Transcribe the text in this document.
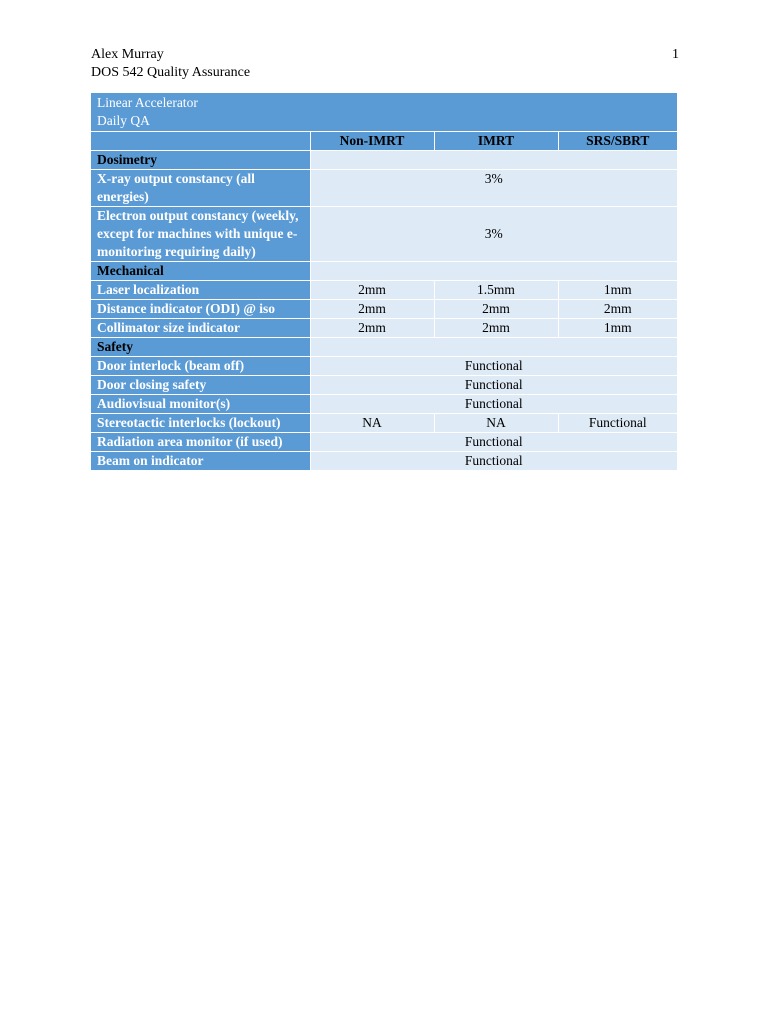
Alex Murray
DOS 542 Quality Assurance
1
Linear Accelerator
Daily QA			

	Non-IMRT	IMRT	SRS/SBRT
Dosimetry			
X-ray output constancy (all energies)	3%		
Electron output constancy (weekly, except for machines with unique e-monitoring requiring daily)	3%		
Mechanical			
Laser localization	2mm	1.5mm	1mm
Distance indicator (ODI) @ iso	2mm	2mm	2mm
Collimator size indicator	2mm	2mm	1mm
Safety			
Door interlock (beam off)	Functional		
Door closing safety	Functional		
Audiovisual monitor(s)	Functional		
Stereotactic interlocks (lockout)	NA	NA	Functional
Radiation area monitor (if used)	Functional		
Beam on indicator	Functional		
